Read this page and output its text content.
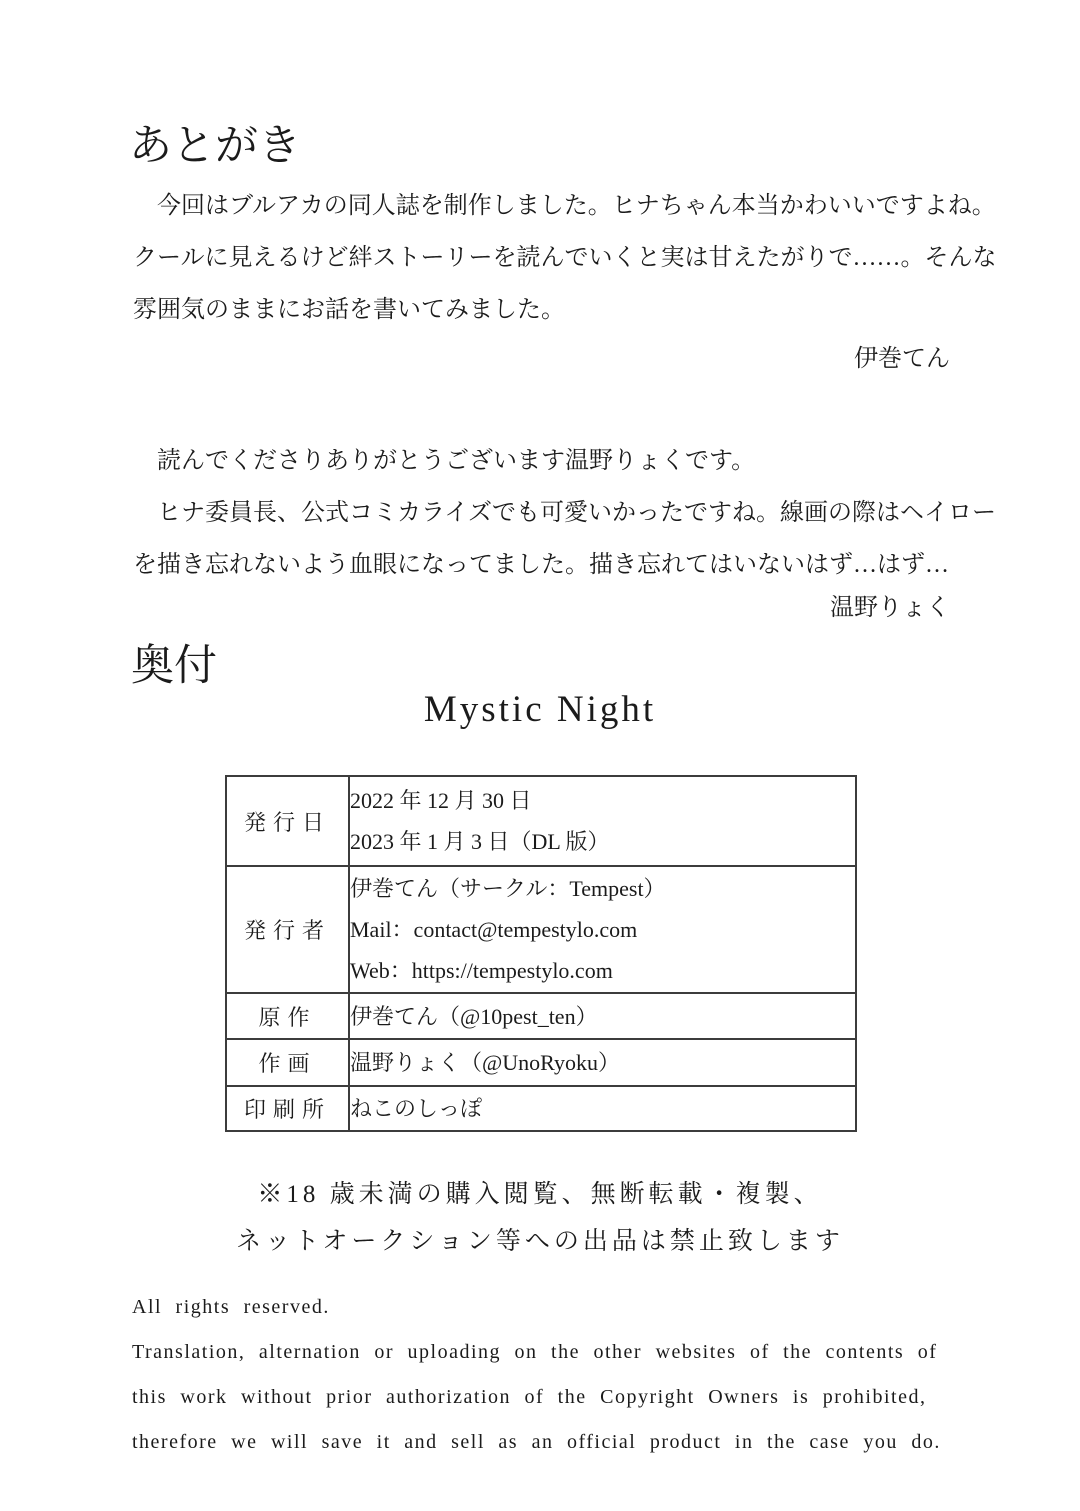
あとがき
今回はブルアカの同人誌を制作しました。ヒナちゃん本当かわいいですよね。
クールに見えるけど絆ストーリーを読んでいくと実は甘えたがりで……。そんな
雰囲気のままにお話を書いてみました。
伊巻てん
読んでくださりありがとうございます温野りょくです。
ヒナ委員長、公式コミカライズでも可愛いかったですね。線画の際はヘイロー
を描き忘れないよう血眼になってました。描き忘れてはいないはず…はず…
温野りょく
奥付
Mystic Night
発行日	2022 年 12 月 30 日
2023 年 1 月 3 日（DL 版）

発行者	伊巻てん（サークル：Tempest）
Mail：contact@tempestylo.com
Web：https://tempestylo.com

原作	伊巻てん（@10pest_ten）

作画	温野りょく（@UnoRyoku）

印刷所	ねこのしっぽ
※18 歳未満の購入閲覧、無断転載・複製、
ネットオークション等への出品は禁止致します
All rights reserved.
Translation, alternation or uploading on the other websites of the contents of
this work without prior authorization of the Copyright Owners is prohibited,
therefore we will save it and sell as an official product in the case you do.
